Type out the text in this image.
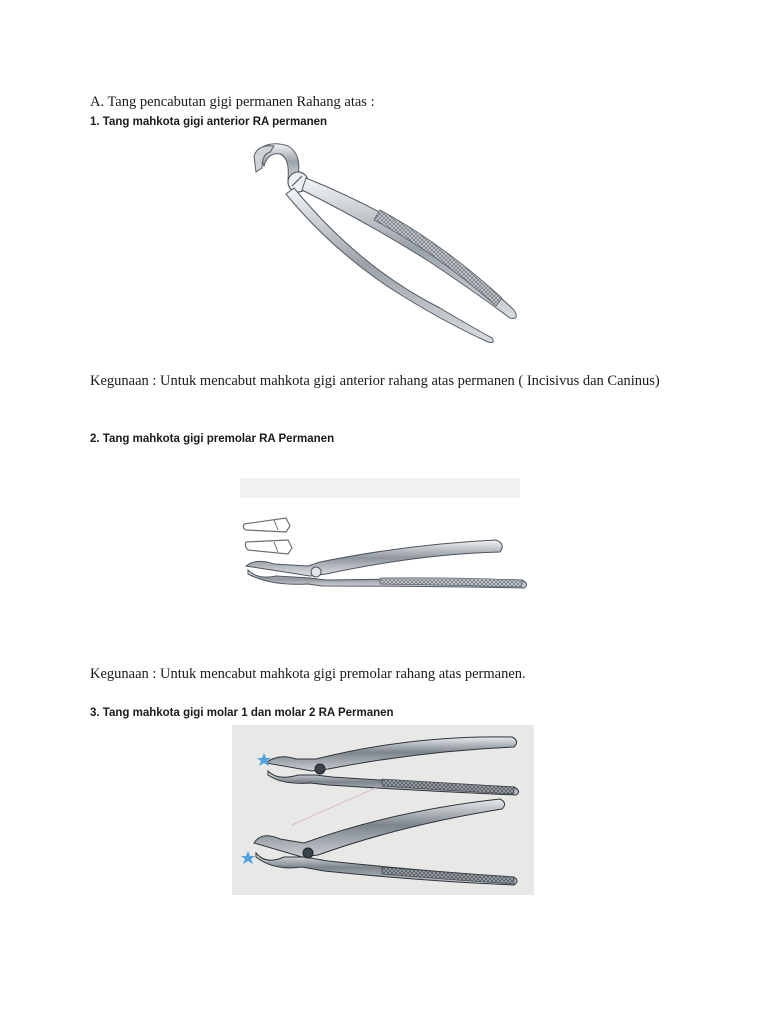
A. Tang pencabutan gigi permanen Rahang atas :
1. Tang mahkota gigi anterior RA permanen
Kegunaan : Untuk mencabut mahkota gigi anterior rahang atas permanen ( Incisivus dan Caninus)
2. Tang mahkota gigi premolar RA Permanen
Kegunaan : Untuk mencabut mahkota gigi premolar rahang atas permanen.
3. Tang mahkota gigi molar 1 dan molar 2 RA Permanen
